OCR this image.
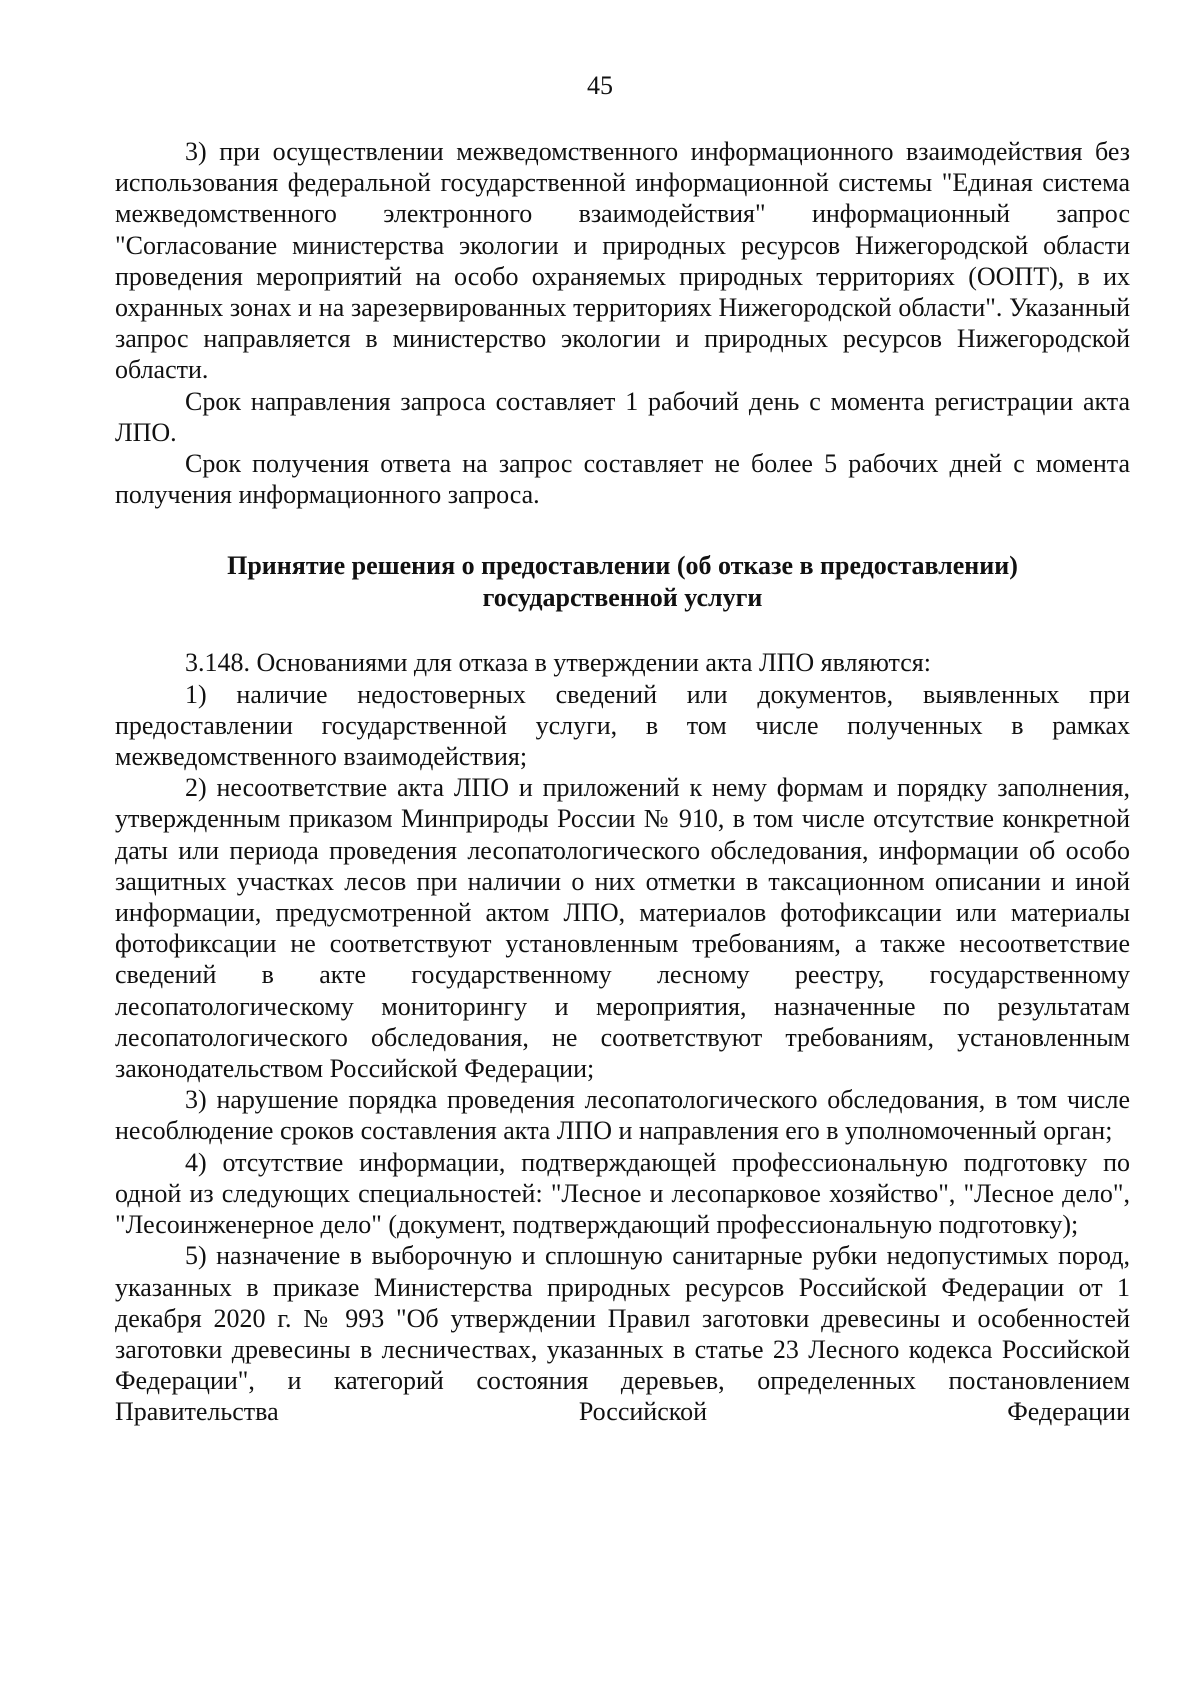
45

3) при осуществлении межведомственного информационного взаимодействия без использования федеральной государственной информационной системы "Единая система межведомственного электронного взаимодействия" информационный запрос "Согласование министерства экологии и природных ресурсов Нижегородской области проведения мероприятий на особо охраняемых природных территориях (ООПТ), в их охранных зонах и на зарезервированных территориях Нижегородской области". Указанный запрос направляется в министерство экологии и природных ресурсов Нижегородской области.

Срок направления запроса составляет 1 рабочий день с момента регистрации акта ЛПО.

Срок получения ответа на запрос составляет не более 5 рабочих дней с момента получения информационного запроса.

Принятие решения о предоставлении (об отказе в предоставлении)
государственной услуги

3.148. Основаниями для отказа в утверждении акта ЛПО являются:

1) наличие недостоверных сведений или документов, выявленных при предоставлении государственной услуги, в том числе полученных в рамках межведомственного взаимодействия;

2) несоответствие акта ЛПО и приложений к нему формам и порядку заполнения, утвержденным приказом Минприроды России № 910, в том числе отсутствие конкретной даты или периода проведения лесопатологического обследования, информации об особо защитных участках лесов при наличии о них отметки в таксационном описании и иной информации, предусмотренной актом ЛПО, материалов фотофиксации или материалы фотофиксации не соответствуют установленным требованиям, а также несоответствие сведений в акте государственному лесному реестру, государственному лесопатологическому мониторингу и мероприятия, назначенные по результатам лесопатологического обследования, не соответствуют требованиям, установленным законодательством Российской Федерации;

3) нарушение порядка проведения лесопатологического обследования, в том числе несоблюдение сроков составления акта ЛПО и направления его в уполномоченный орган;

4) отсутствие информации, подтверждающей профессиональную подготовку по одной из следующих специальностей: "Лесное и лесопарковое хозяйство", "Лесное дело", "Лесоинженерное дело" (документ, подтверждающий профессиональную подготовку);

5) назначение в выборочную и сплошную санитарные рубки недопустимых пород, указанных в приказе Министерства природных ресурсов Российской Федерации от 1 декабря 2020 г. № 993 "Об утверждении Правил заготовки древесины и особенностей заготовки древесины в лесничествах, указанных в статье 23 Лесного кодекса Российской Федерации", и категорий состояния деревьев, определенных постановлением Правительства Российской Федерации
